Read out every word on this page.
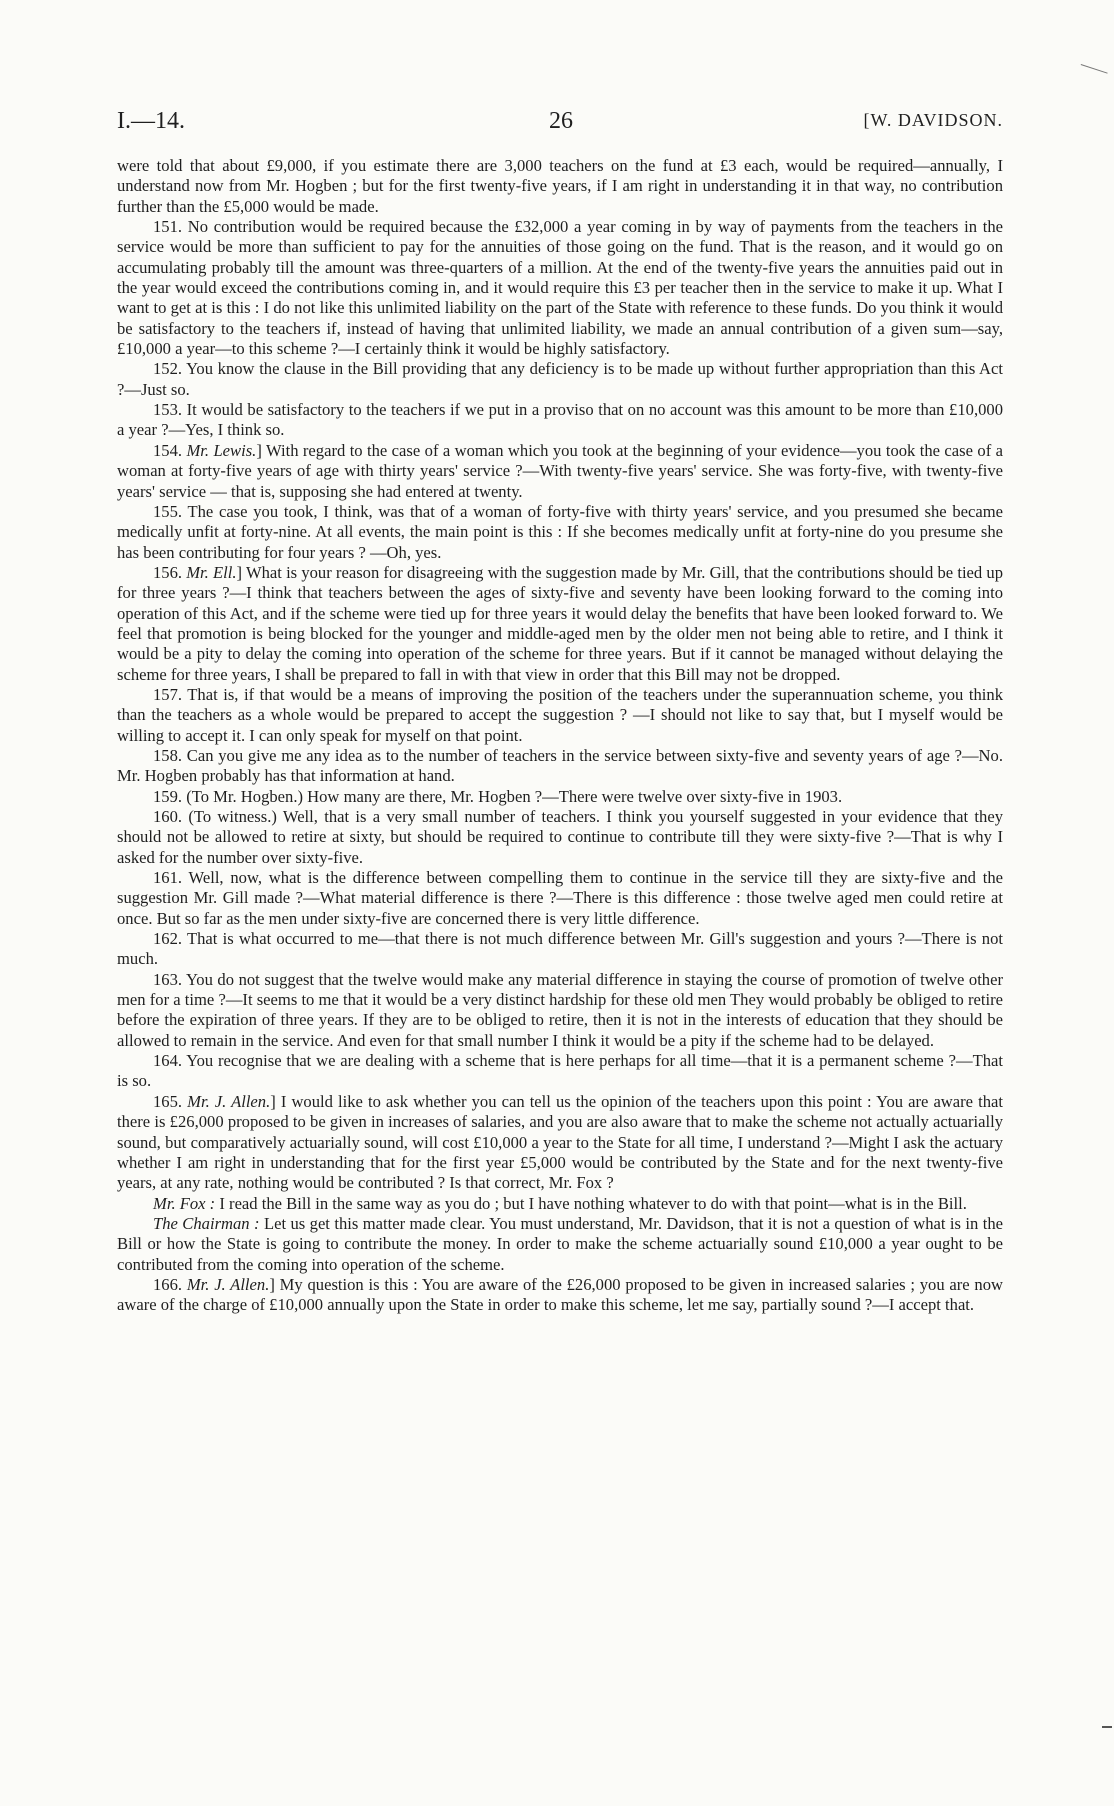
I.—14.	26	[W. DAVIDSON.

were told that about £9,000, if you estimate there are 3,000 teachers on the fund at £3 each, would be required—annually, I understand now from Mr. Hogben ; but for the first twenty-five years, if I am right in understanding it in that way, no contribution further than the £5,000 would be made.

151. No contribution would be required because the £32,000 a year coming in by way of payments from the teachers in the service would be more than sufficient to pay for the annuities of those going on the fund. That is the reason, and it would go on accumulating probably till the amount was three-quarters of a million. At the end of the twenty-five years the annuities paid out in the year would exceed the contributions coming in, and it would require this £3 per teacher then in the service to make it up. What I want to get at is this : I do not like this unlimited liability on the part of the State with reference to these funds. Do you think it would be satisfactory to the teachers if, instead of having that unlimited liability, we made an annual contribution of a given sum—say, £10,000 a year—to this scheme ?—I certainly think it would be highly satisfactory.

152. You know the clause in the Bill providing that any deficiency is to be made up without further appropriation than this Act ?—Just so.

153. It would be satisfactory to the teachers if we put in a proviso that on no account was this amount to be more than £10,000 a year ?—Yes, I think so.

154. Mr. Lewis.] With regard to the case of a woman which you took at the beginning of your evidence—you took the case of a woman at forty-five years of age with thirty years' service ?—With twenty-five years' service. She was forty-five, with twenty-five years' service — that is, supposing she had entered at twenty.

155. The case you took, I think, was that of a woman of forty-five with thirty years' service, and you presumed she became medically unfit at forty-nine. At all events, the main point is this : If she becomes medically unfit at forty-nine do you presume she has been contributing for four years ? —Oh, yes.

156. Mr. Ell.] What is your reason for disagreeing with the suggestion made by Mr. Gill, that the contributions should be tied up for three years ?—I think that teachers between the ages of sixty-five and seventy have been looking forward to the coming into operation of this Act, and if the scheme were tied up for three years it would delay the benefits that have been looked forward to. We feel that promotion is being blocked for the younger and middle-aged men by the older men not being able to retire, and I think it would be a pity to delay the coming into operation of the scheme for three years. But if it cannot be managed without delaying the scheme for three years, I shall be prepared to fall in with that view in order that this Bill may not be dropped.

157. That is, if that would be a means of improving the position of the teachers under the superannuation scheme, you think than the teachers as a whole would be prepared to accept the suggestion ? —I should not like to say that, but I myself would be willing to accept it. I can only speak for myself on that point.

158. Can you give me any idea as to the number of teachers in the service between sixty-five and seventy years of age ?—No. Mr. Hogben probably has that information at hand.

159. (To Mr. Hogben.) How many are there, Mr. Hogben ?—There were twelve over sixty-five in 1903.

160. (To witness.) Well, that is a very small number of teachers. I think you yourself suggested in your evidence that they should not be allowed to retire at sixty, but should be required to continue to contribute till they were sixty-five ?—That is why I asked for the number over sixty-five.

161. Well, now, what is the difference between compelling them to continue in the service till they are sixty-five and the suggestion Mr. Gill made ?—What material difference is there ?—There is this difference : those twelve aged men could retire at once. But so far as the men under sixty-five are concerned there is very little difference.

162. That is what occurred to me—that there is not much difference between Mr. Gill's suggestion and yours ?—There is not much.

163. You do not suggest that the twelve would make any material difference in staying the course of promotion of twelve other men for a time ?—It seems to me that it would be a very distinct hardship for these old men They would probably be obliged to retire before the expiration of three years. If they are to be obliged to retire, then it is not in the interests of education that they should be allowed to remain in the service. And even for that small number I think it would be a pity if the scheme had to be delayed.

164. You recognise that we are dealing with a scheme that is here perhaps for all time—that it is a permanent scheme ?—That is so.

165. Mr. J. Allen.] I would like to ask whether you can tell us the opinion of the teachers upon this point : You are aware that there is £26,000 proposed to be given in increases of salaries, and you are also aware that to make the scheme not actually actuarially sound, but comparatively actuarially sound, will cost £10,000 a year to the State for all time, I understand ?—Might I ask the actuary whether I am right in understanding that for the first year £5,000 would be contributed by the State and for the next twenty-five years, at any rate, nothing would be contributed ? Is that correct, Mr. Fox ?

Mr. Fox : I read the Bill in the same way as you do ; but I have nothing whatever to do with that point—what is in the Bill.

The Chairman : Let us get this matter made clear. You must understand, Mr. Davidson, that it is not a question of what is in the Bill or how the State is going to contribute the money. In order to make the scheme actuarially sound £10,000 a year ought to be contributed from the coming into operation of the scheme.

166. Mr. J. Allen.] My question is this : You are aware of the £26,000 proposed to be given in increased salaries ; you are now aware of the charge of £10,000 annually upon the State in order to make this scheme, let me say, partially sound ?—I accept that.
